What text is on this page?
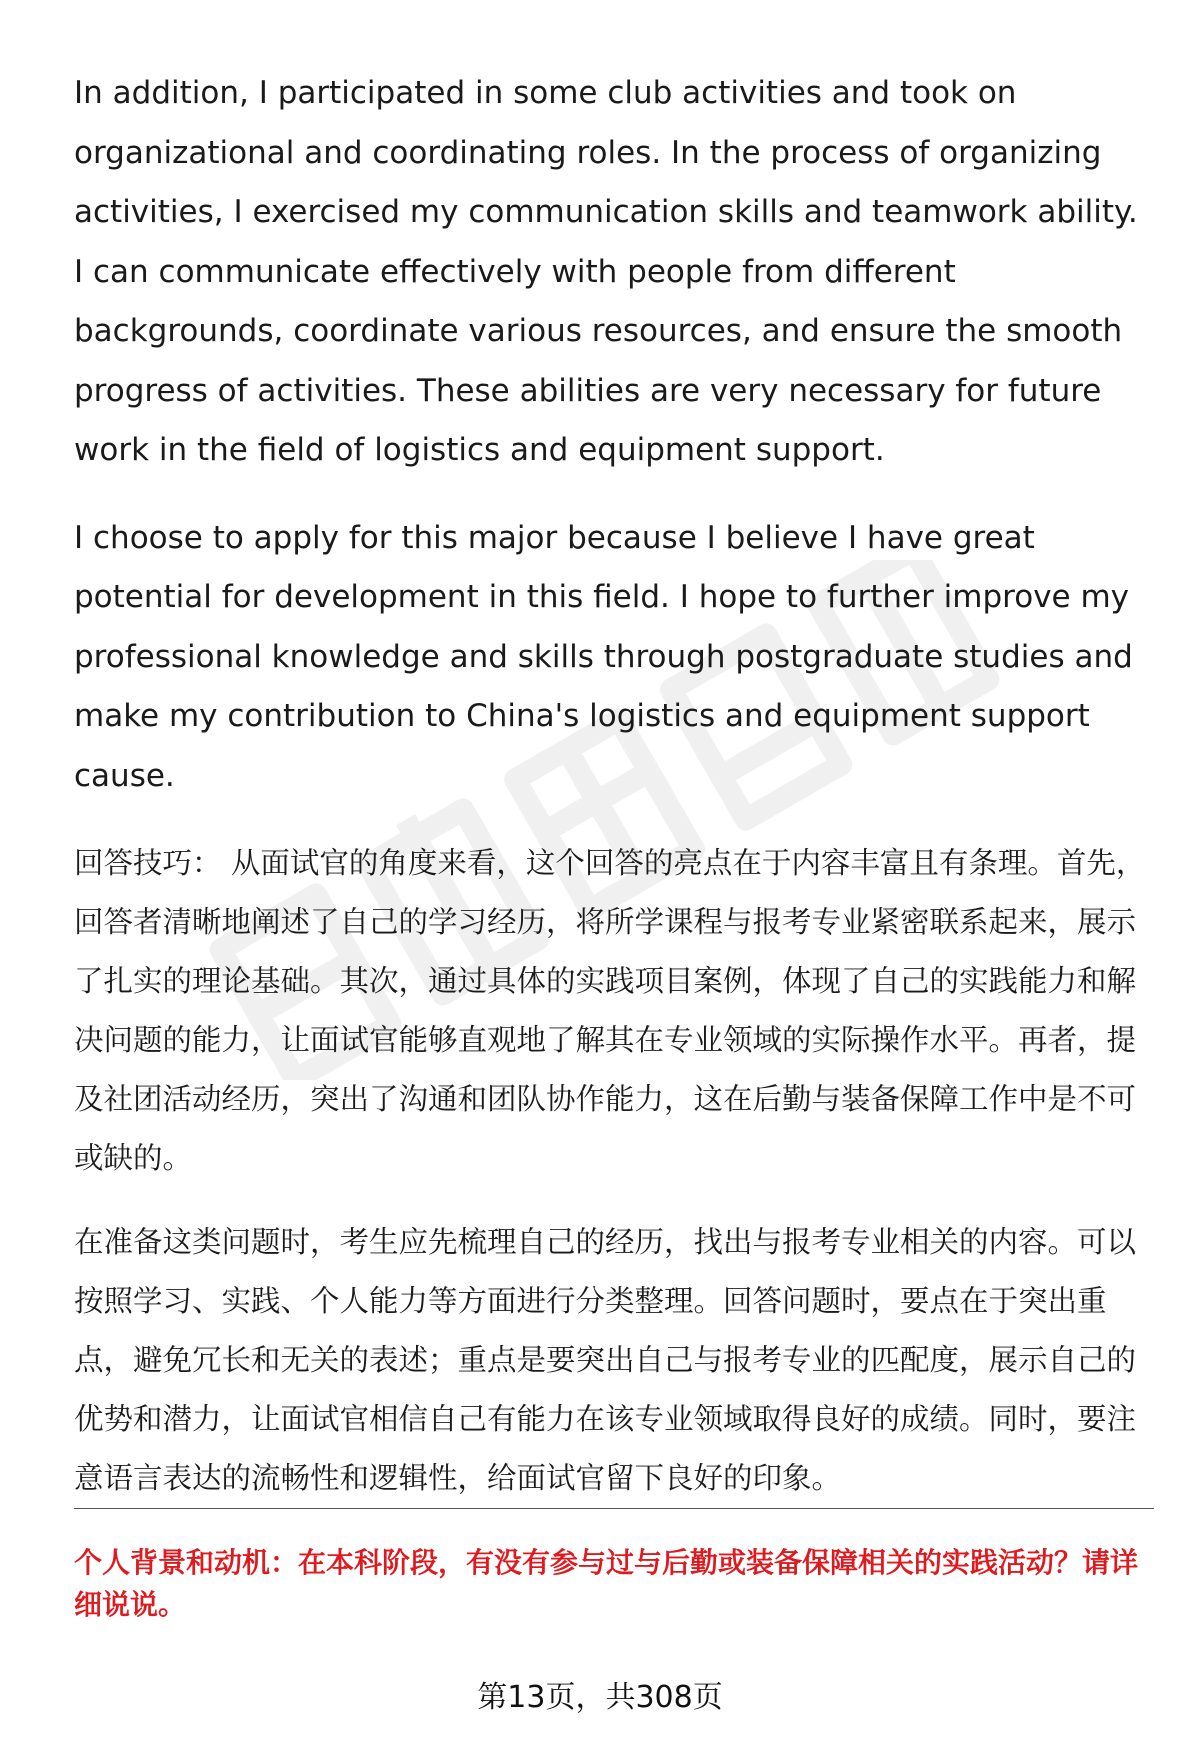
In addition, I participated in some club activities and took on organizational and coordinating roles. In the process of organizing activities, I exercised my communication skills and teamwork ability. I can communicate effectively with people from different backgrounds, coordinate various resources, and ensure the smooth progress of activities. These abilities are very necessary for future work in the field of logistics and equipment support.

I choose to apply for this major because I believe I have great potential for development in this field. I hope to further improve my professional knowledge and skills through postgraduate studies and make my contribution to China's logistics and equipment support cause.

回答技巧： 从面试官的角度来看，这个回答的亮点在于内容丰富且有条理。首先，回答者清晰地阐述了自己的学习经历，将所学课程与报考专业紧密联系起来，展示了扎实的理论基础。其次，通过具体的实践项目案例，体现了自己的实践能力和解决问题的能力，让面试官能够直观地了解其在专业领域的实际操作水平。再者，提及社团活动经历，突出了沟通和团队协作能力，这在后勤与装备保障工作中是不可或缺的。

在准备这类问题时，考生应先梳理自己的经历，找出与报考专业相关的内容。可以按照学习、实践、个人能力等方面进行分类整理。回答问题时，要点在于突出重点，避免冗长和无关的表述；重点是要突出自己与报考专业的匹配度，展示自己的优势和潜力，让面试官相信自己有能力在该专业领域取得良好的成绩。同时，要注意语言表达的流畅性和逻辑性，给面试官留下良好的印象。

个人背景和动机：在本科阶段，有没有参与过与后勤或装备保障相关的实践活动？请详细说说。

第13页，共308页
